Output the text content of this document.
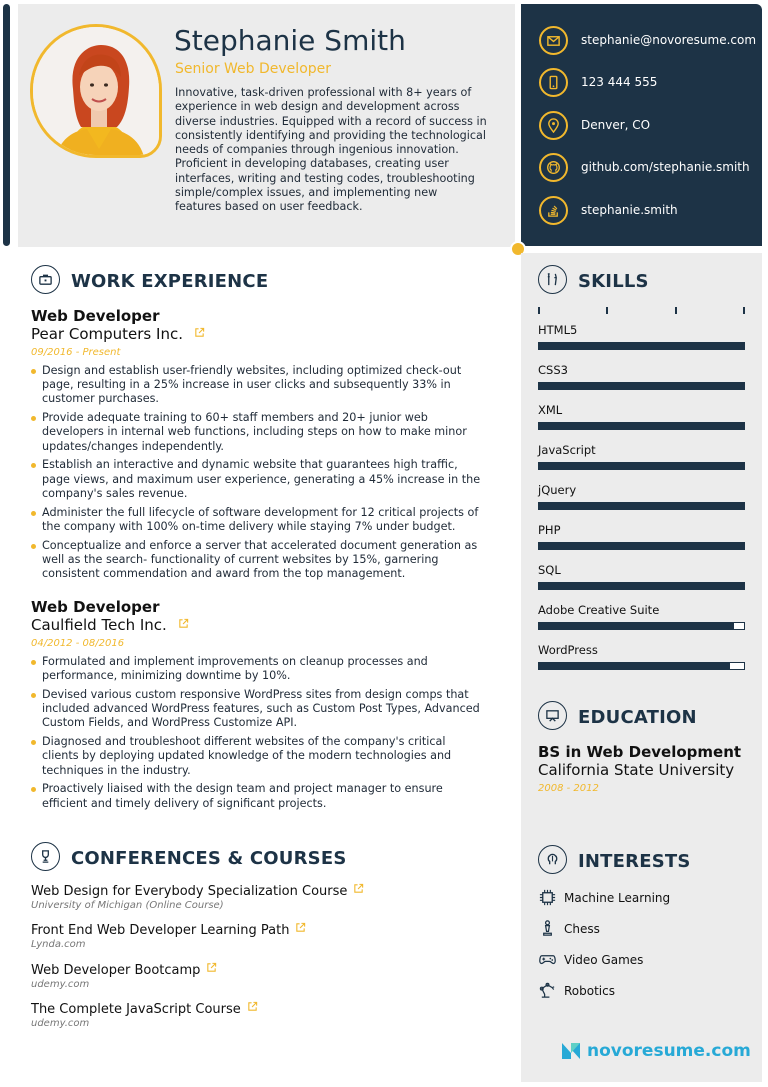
Stephanie Smith
Senior Web Developer
Innovative, task-driven professional with 8+ years of experience in web design and development across diverse industries. Equipped with a record of success in consistently identifying and providing the technological needs of companies through ingenious innovation. Proficient in developing databases, creating user interfaces, writing and testing codes, troubleshooting simple/complex issues, and implementing new features based on user feedback.
stephanie@novoresume.com
123 444 555
Denver, CO
github.com/stephanie.smith
stephanie.smith
WORK EXPERIENCE
Web Developer
Pear Computers Inc.
09/2016 - Present
Design and establish user-friendly websites, including optimized check-out page, resulting in a 25% increase in user clicks and subsequently 33% in customer purchases.
Provide adequate training to 60+ staff members and 20+ junior web developers in internal web functions, including steps on how to make minor updates/changes independently.
Establish an interactive and dynamic website that guarantees high traffic, page views, and maximum user experience, generating a 45% increase in the company's sales revenue.
Administer the full lifecycle of software development for 12 critical projects of the company with 100% on-time delivery while staying 7% under budget.
Conceptualize and enforce a server that accelerated document generation as well as the search- functionality of current websites by 15%, garnering consistent commendation and award from the top management.
Web Developer
Caulfield Tech Inc.
04/2012 - 08/2016
Formulated and implement improvements on cleanup processes and performance, minimizing downtime by 10%.
Devised various custom responsive WordPress sites from design comps that included advanced WordPress features, such as Custom Post Types, Advanced Custom Fields, and WordPress Customize API.
Diagnosed and troubleshoot different websites of the company's critical clients by deploying updated knowledge of the modern technologies and techniques in the industry.
Proactively liaised with the design team and project manager to ensure efficient and timely delivery of significant projects.
CONFERENCES & COURSES
Web Design for Everybody Specialization Course
University of Michigan (Online Course)
Front End Web Developer Learning Path
Lynda.com
Web Developer Bootcamp
udemy.com
The Complete JavaScript Course
udemy.com
SKILLS
HTML5
CSS3
XML
JavaScript
jQuery
PHP
SQL
Adobe Creative Suite
WordPress
EDUCATION
BS in Web Development
California State University
2008 - 2012
INTERESTS
Machine Learning
Chess
Video Games
Robotics
novoresume.com
